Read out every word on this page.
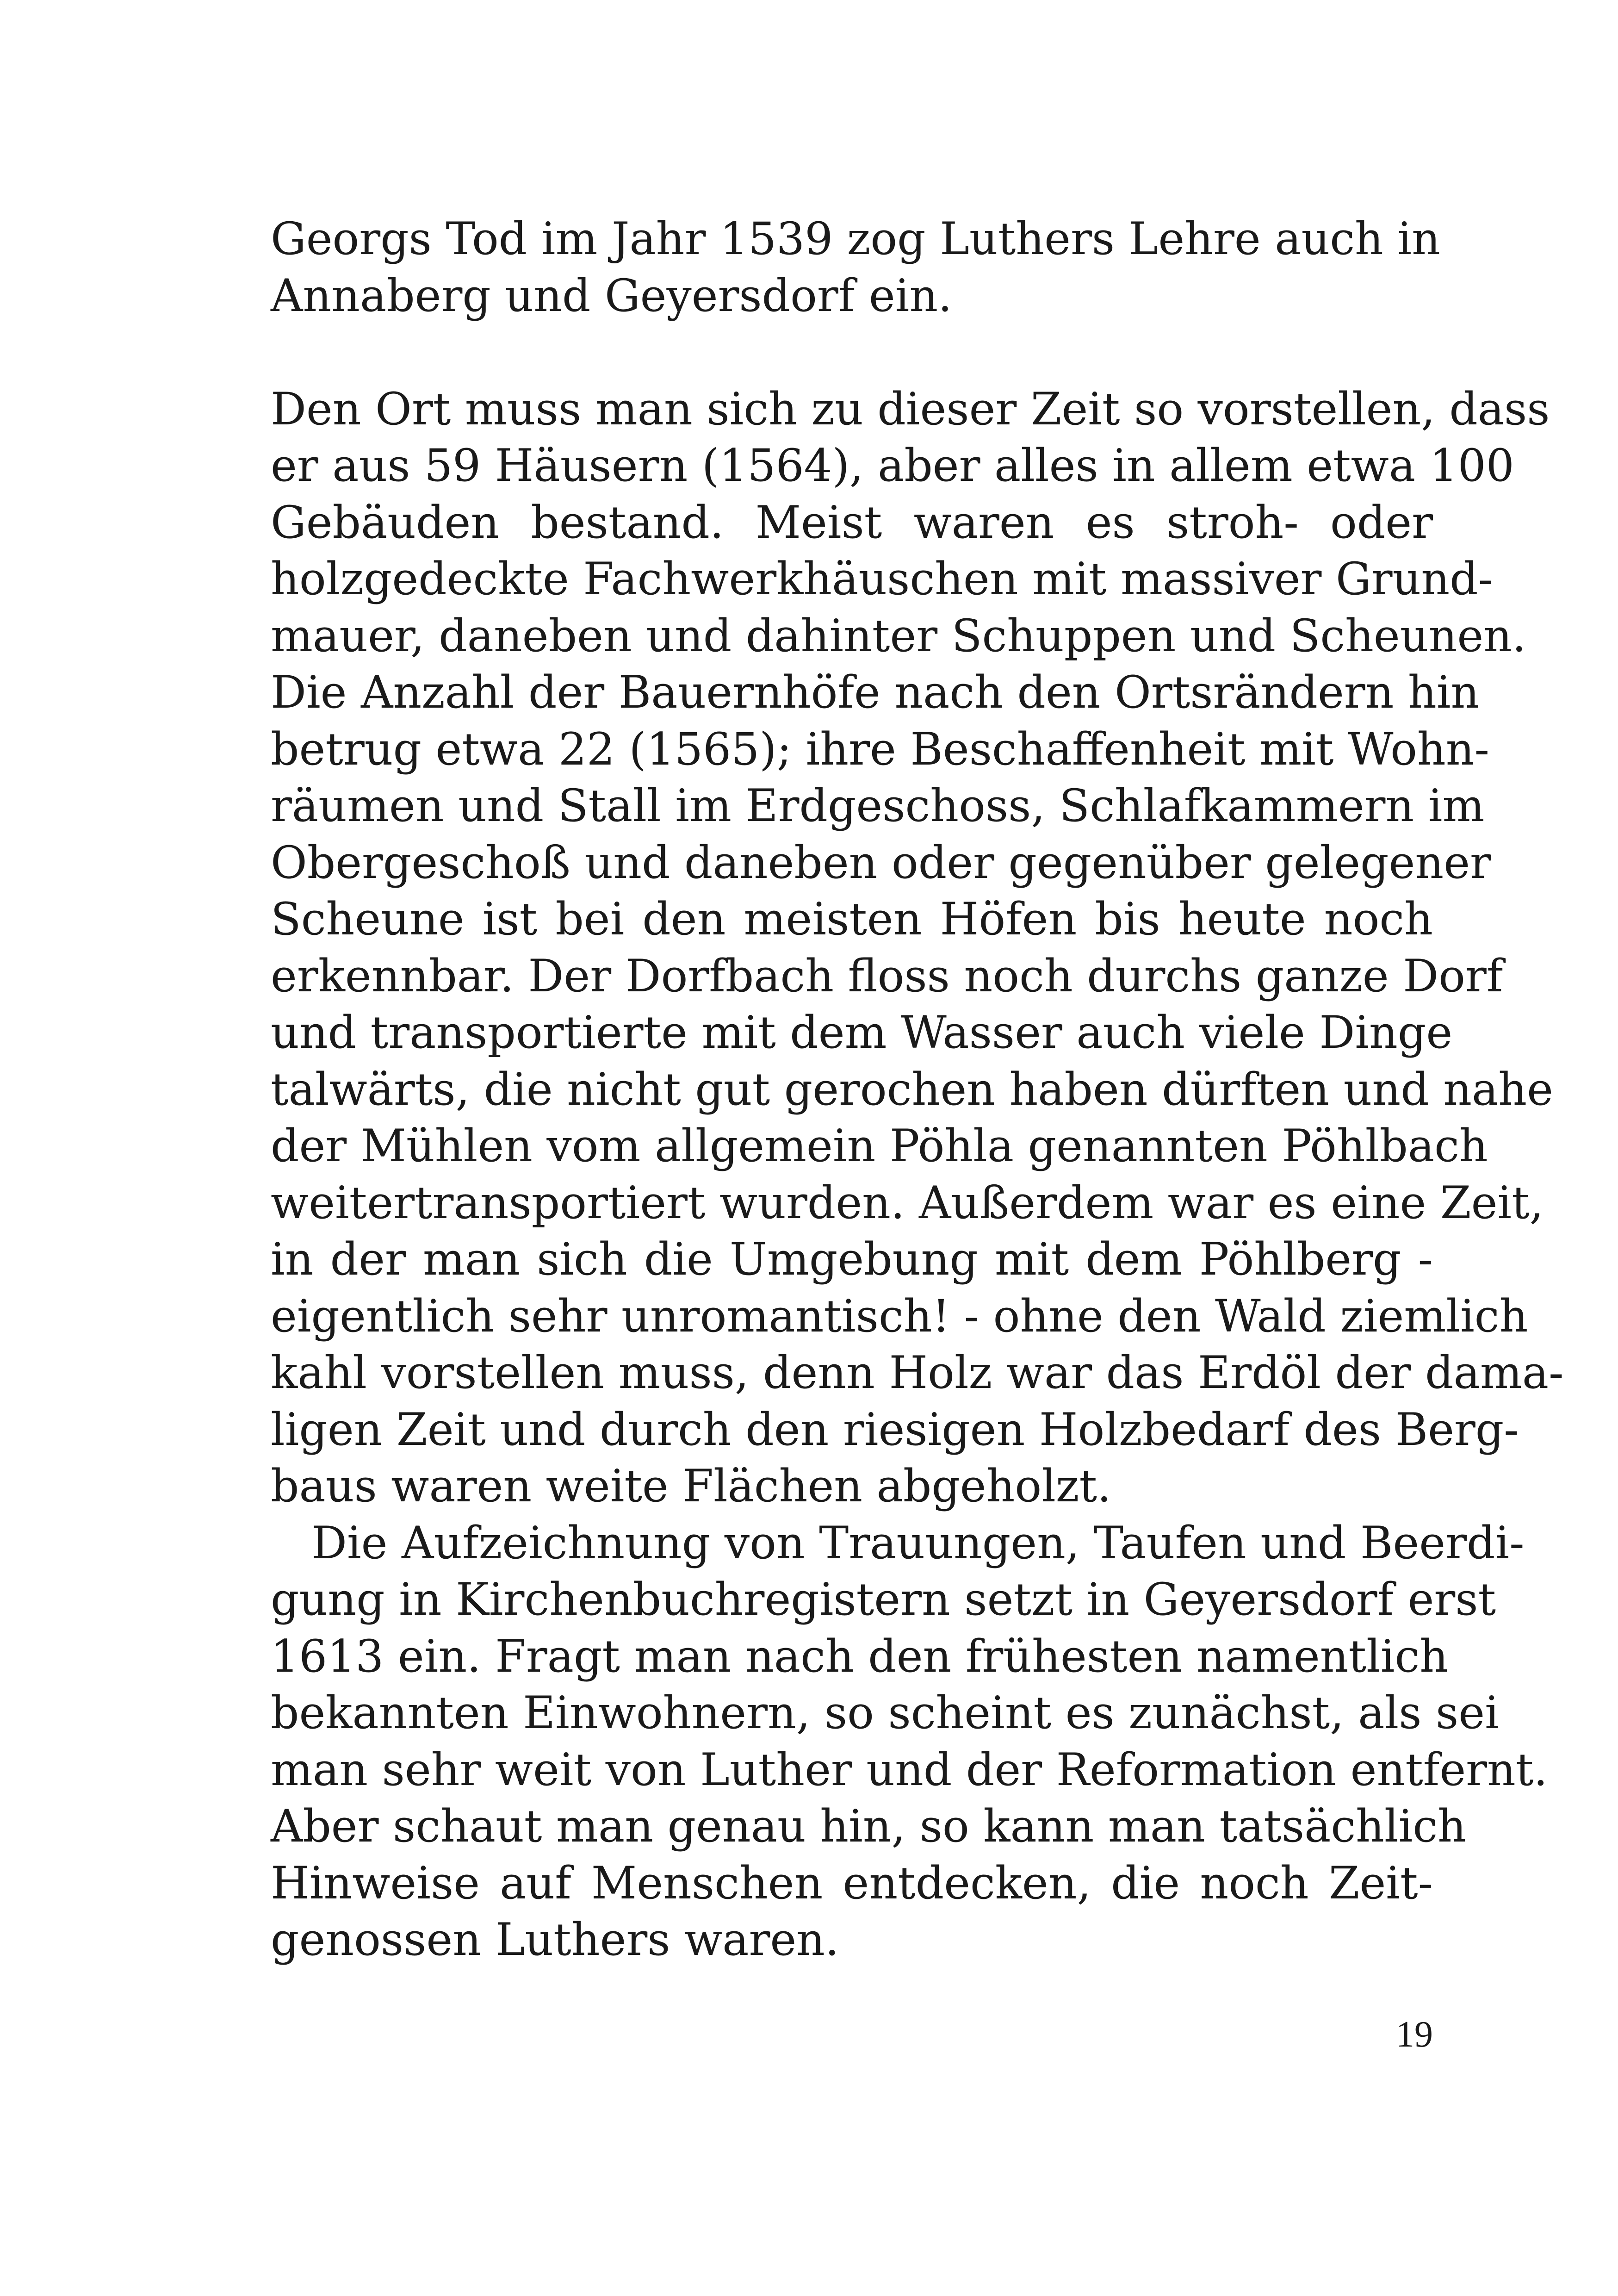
Georgs Tod im Jahr 1539 zog Luthers Lehre auch in
Annaberg und Geyersdorf ein.
Den Ort muss man sich zu dieser Zeit so vorstellen, dass
er aus 59 Häusern (1564), aber alles in allem etwa 100
Gebäuden bestand. Meist waren es stroh- oder
holzgedeckte Fachwerkhäuschen mit massiver Grund-
mauer, daneben und dahinter Schuppen und Scheunen.
Die Anzahl der Bauernhöfe nach den Ortsrändern hin
betrug etwa 22 (1565); ihre Beschaffenheit mit Wohn-
räumen und Stall im Erdgeschoss, Schlafkammern im
Obergeschoß und daneben oder gegenüber gelegener
Scheune ist bei den meisten Höfen bis heute noch
erkennbar. Der Dorfbach floss noch durchs ganze Dorf
und transportierte mit dem Wasser auch viele Dinge
talwärts, die nicht gut gerochen haben dürften und nahe
der Mühlen vom allgemein Pöhla genannten Pöhlbach
weitertransportiert wurden. Außerdem war es eine Zeit,
in der man sich die Umgebung mit dem Pöhlberg -
eigentlich sehr unromantisch! - ohne den Wald ziemlich
kahl vorstellen muss, denn Holz war das Erdöl der dama-
ligen Zeit und durch den riesigen Holzbedarf des Berg-
baus waren weite Flächen abgeholzt.
Die Aufzeichnung von Trauungen, Taufen und Beerdi-
gung in Kirchenbuchregistern setzt in Geyersdorf erst
1613 ein. Fragt man nach den frühesten namentlich
bekannten Einwohnern, so scheint es zunächst, als sei
man sehr weit von Luther und der Reformation entfernt.
Aber schaut man genau hin, so kann man tatsächlich
Hinweise auf Menschen entdecken, die noch Zeit-
genossen Luthers waren.
19
